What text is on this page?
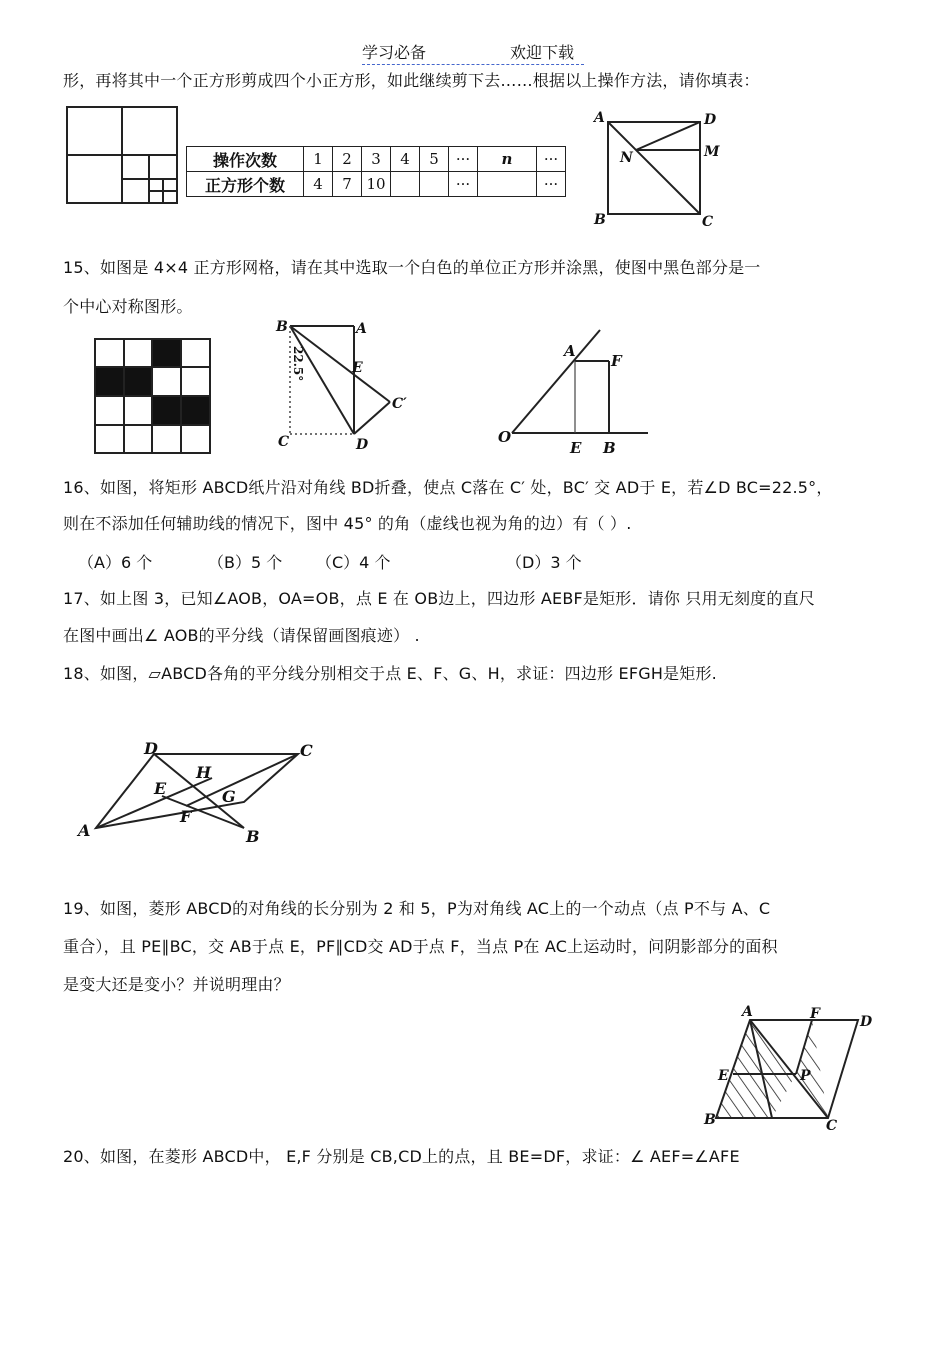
学习必备	欢迎下载
形，再将其中一个正方形剪成四个小正方形，如此继续剪下去……根据以上操作方法，请你填表：
操作次数	1	2	3	4	5	···	n	···
正方形个数	4	7	10			···		···
A	D
M
N
B	C
15、如图是 4×4 正方形网格，请在其中选取一个白色的单位正方形并涂黑，使图中黑色部分是一
个中心对称图形。
B	A
E
C′
C	D
22.5°
O
A
F
E B
16、如图，将矩形 ABCD纸片沿对角线 BD折叠，使点 C落在 C′ 处，BC′ 交 AD于 E，若∠D BC=22.5°，
则在不添加任何辅助线的情况下，图中 45° 的角（虚线也视为角的边）有（ ）.
（A）6 个	（B）5 个 （C）4 个	（D）3 个
17、如上图 3，已知∠AOB，OA=OB，点 E 在 OB边上，四边形 AEBF是矩形．请你 只用无刻度的直尺
在图中画出∠ AOB的平分线（请保留画图痕迹） .
18、如图，▱ABCD各角的平分线分别相交于点 E、F、G、H，求证：四边形 EFGH是矩形.
A	B
C
D
E
F
G
H
19、如图，菱形 ABCD的对角线的长分别为 2 和 5，P为对角线 AC上的一个动点（点 P不与 A、C
重合），且 PE∥BC，交 AB于点 E，PF∥CD交 AD于点 F，当点 P在 AC上运动时，问阴影部分的面积
是变大还是变小？并说明理由？
A	F	D
E	P
B	C
20、如图，在菱形 ABCD中， E,F 分别是 CB,CD上的点，且 BE=DF，求证：∠ AEF=∠AFE
